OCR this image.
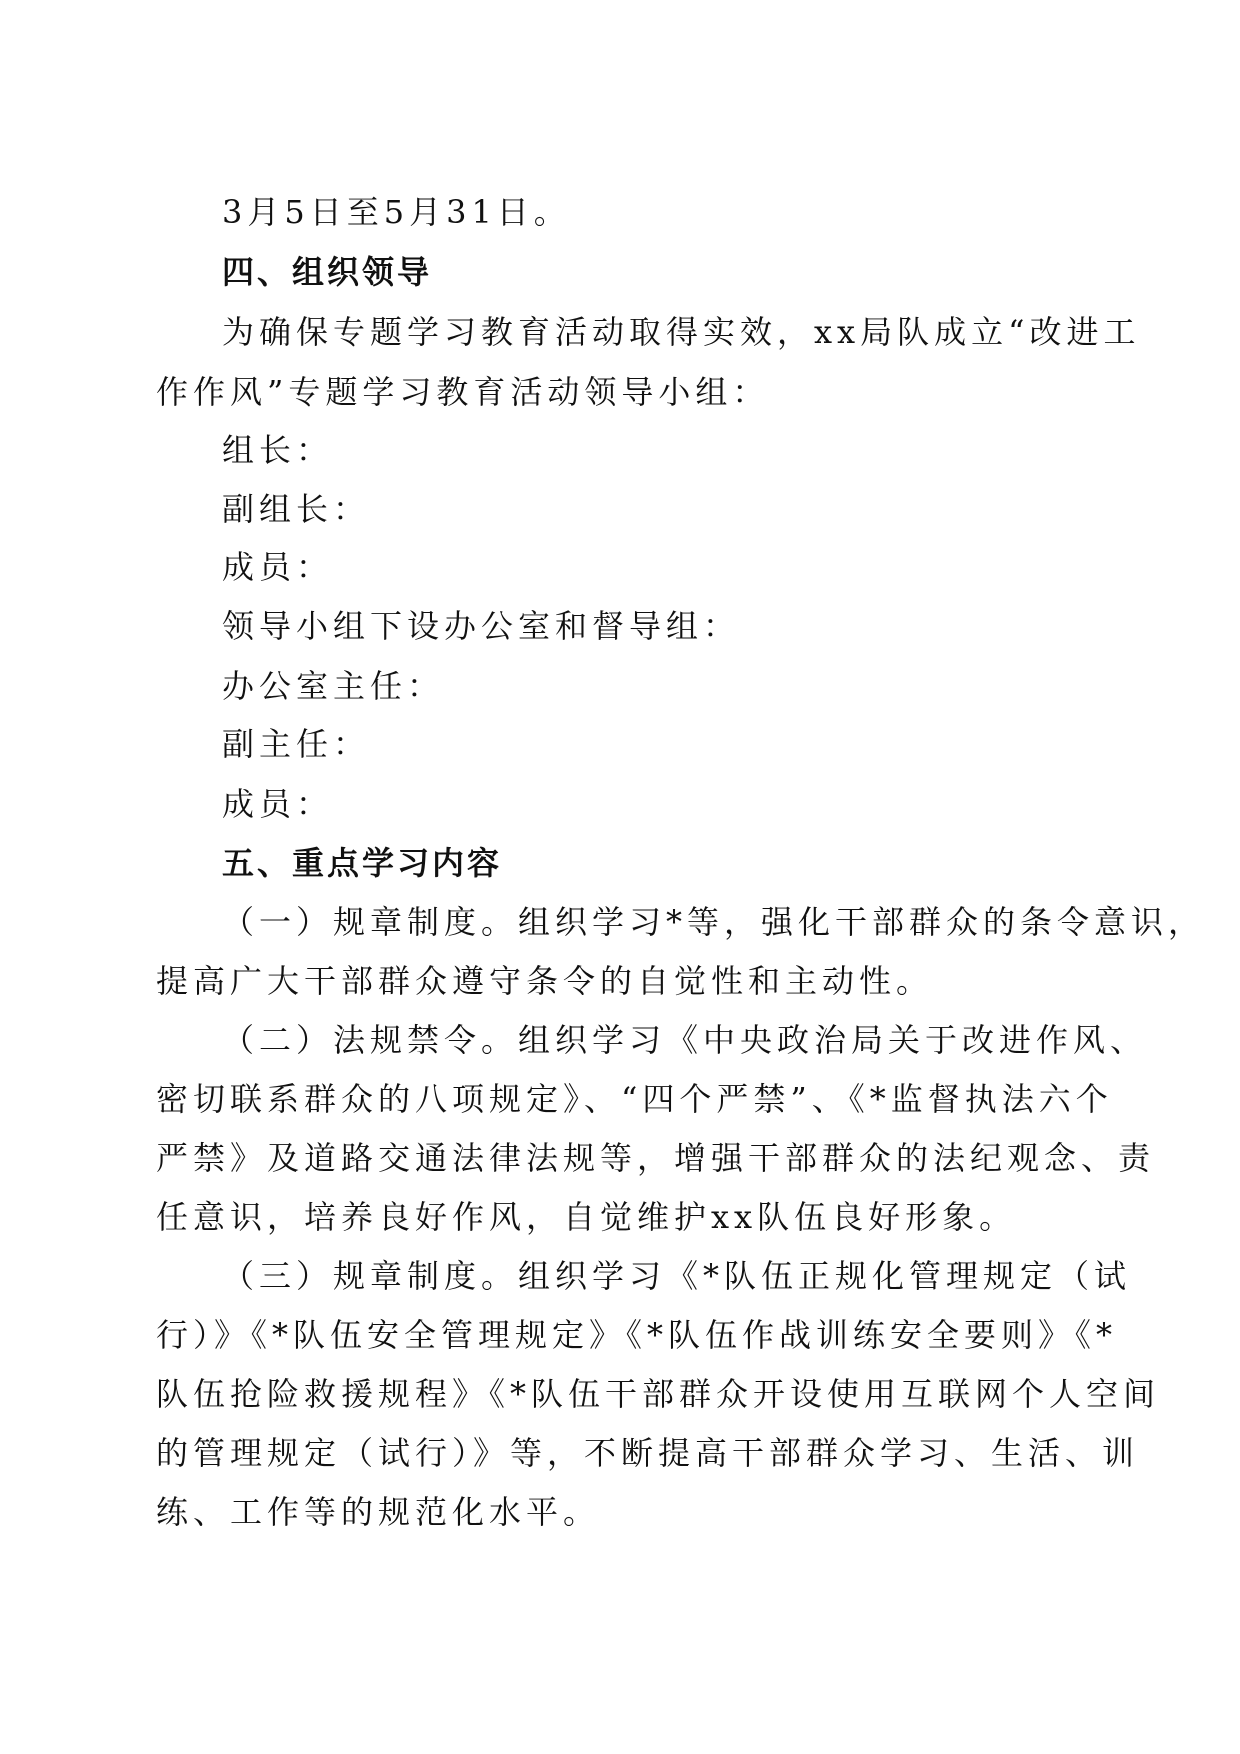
3月5日至5月31日。
四、组织领导
为确保专题学习教育活动取得实效，xx局队成立“改进工
作作风”专题学习教育活动领导小组：
组长：
副组长：
成员：
领导小组下设办公室和督导组：
办公室主任：
副主任：
成员：
五、重点学习内容
（一）规章制度。组织学习*等，强化干部群众的条令意识，
提高广大干部群众遵守条令的自觉性和主动性。
（二）法规禁令。组织学习《中央政治局关于改进作风、
密切联系群众的八项规定》、“四个严禁”、《*监督执法六个
严禁》及道路交通法律法规等，增强干部群众的法纪观念、责
任意识，培养良好作风，自觉维护xx队伍良好形象。
（三）规章制度。组织学习《*队伍正规化管理规定（试
行）》《*队伍安全管理规定》《*队伍作战训练安全要则》《*
队伍抢险救援规程》《*队伍干部群众开设使用互联网个人空间
的管理规定（试行）》等，不断提高干部群众学习、生活、训
练、工作等的规范化水平。
